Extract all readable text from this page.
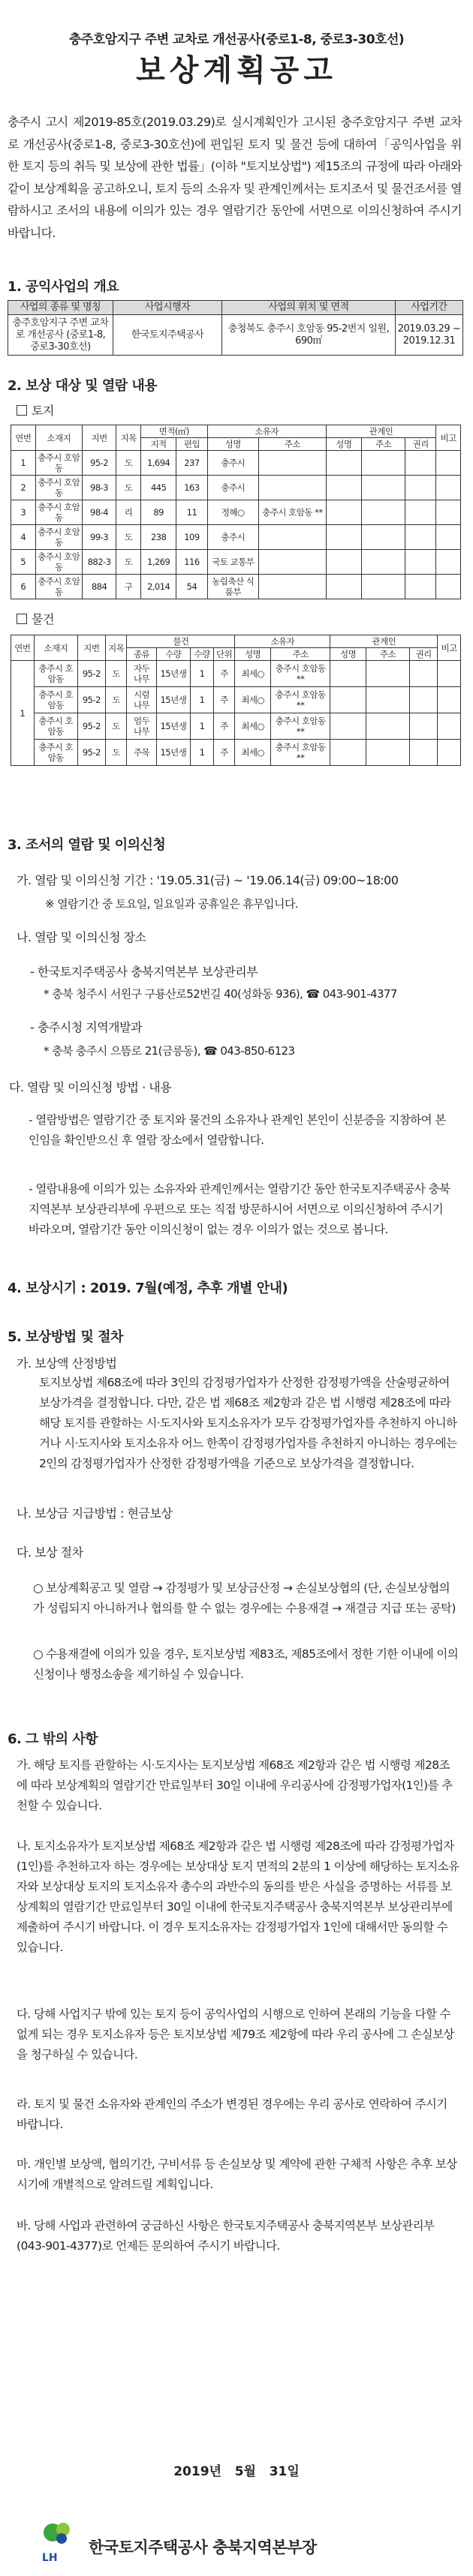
충주호암지구 주변 교차로 개선공사(중로1-8, 중로3-30호선)
보상계획공고
충주시 고시 제2019-85호(2019.03.29)로 실시계획인가 고시된 충주호암지구 주변 교차로 개선공사(중로1-8, 중로3-30호선)에 편입된 토지 및 물건 등에 대하여「공익사업을 위한 토지 등의 취득 및 보상에 관한 법률」(이하 "토지보상법") 제15조의 규정에 따라 아래와 같이 보상계획을 공고하오니, 토지 등의 소유자 및 관계인께서는 토지조서 및 물건조서를 열람하시고 조서의 내용에 이의가 있는 경우 열람기간 동안에 서면으로 이의신청하여 주시기 바랍니다.
1. 공익사업의 개요
사업의 종류 및 명칭	사업시행자	사업의 위치 및 면적	사업기간
충주호암지구 주변 교차로 개선공사 (중로1-8, 중로3-30호선)	한국토지주택공사	충청북도 충주시 호암동 95-2번지 일원, 690㎡	2019.03.29 ~ 2019.12.31
2. 보상 대상 및 열람 내용
토지
연번	소재지	지번	지목	면적(㎡)		소유자		관계인			비고
				지적	편입	성명	주소	성명	주소	권리	
1	충주시 호암동	95-2	도	1,694	237	충주시					
2	충주시 호암동	98-3	도	445	163	충주시					
3	충주시 호암동	98-4	리	89	11	정혜○	충주시 호암동 **				
4	충주시 호암동	99-3	도	238	109	충주시					
5	충주시 호암동	882-3	도	1,269	116	국토 교통부					
6	충주시 호암동	884	구	2,014	54	농림축산 식품부					
물건
연번	소재지	지번	지목	물건				소유자		관계인			비고
				종류	수량	수량	단위	성명	주소	성명	주소	권리	
1	충주시 호암동	95-2	도	자두 나무	15년생	1	주	최세○	충주시 호암동 **				
	충주시 호암동	95-2	도	시럼 나무	15년생	1	주	최세○	충주시 호암동 **				
	충주시 호암동	95-2	도	엄두 나무	15년생	1	주	최세○	충주시 호암동 **				
	충주시 호암동	95-2	도	주목	15년생	1	주	최세○	충주시 호암동 **				
3. 조서의 열람 및 이의신청
가. 열람 및 이의신청 기간 : '19.05.31(금) ~ '19.06.14(금) 09:00~18:00
※ 열람기간 중 토요일, 일요일과 공휴일은 휴무입니다.
나. 열람 및 이의신청 장소
- 한국토지주택공사 충북지역본부 보상관리부
* 충북 청주시 서원구 구룡산로52번길 40(성화동 936), ☎ 043-901-4377
- 충주시청 지역개발과
* 충북 충주시 으뜸로 21(금릉동), ☎ 043-850-6123
다. 열람 및 이의신청 방법 · 내용
- 열람방법은 열람기간 중 토지와 물건의 소유자나 관계인 본인이 신분증을 지참하여 본인임을 확인받으신 후 열람 장소에서 열람합니다.
- 열람내용에 이의가 있는 소유자와 관계인께서는 열람기간 동안 한국토지주택공사 충북지역본부 보상관리부에 우편으로 또는 직접 방문하시어 서면으로 이의신청하여 주시기 바라오며, 열람기간 동안 이의신청이 없는 경우 이의가 없는 것으로 봅니다.
4. 보상시기 : 2019. 7월(예정, 추후 개별 안내)
5. 보상방법 및 절차
가. 보상액 산정방법
토지보상법 제68조에 따라 3인의 감정평가업자가 산정한 감정평가액을 산술평균하여 보상가격을 결정합니다. 다만, 같은 법 제68조 제2항과 같은 법 시행령 제28조에 따라 해당 토지를 관할하는 시·도지사와 토지소유자가 모두 감정평가업자를 추천하지 아니하거나 시·도지사와 토지소유자 어느 한쪽이 감정평가업자를 추천하지 아니하는 경우에는 2인의 감정평가업자가 산정한 감정평가액을 기준으로 보상가격을 결정합니다.
나. 보상금 지급방법 : 현금보상
다. 보상 절차
○ 보상계획공고 및 열람 → 감정평가 및 보상금산정 → 손실보상협의 (단, 손실보상협의가 성립되지 아니하거나 협의를 할 수 없는 경우에는 수용재결 → 재결금 지급 또는 공탁)
○ 수용재결에 이의가 있을 경우, 토지보상법 제83조, 제85조에서 정한 기한 이내에 이의신청이나 행정소송을 제기하실 수 있습니다.
6. 그 밖의 사항
가. 해당 토지를 관할하는 시·도지사는 토지보상법 제68조 제2항과 같은 법 시행령 제28조에 따라 보상계획의 열람기간 만료일부터 30일 이내에 우리공사에 감정평가업자(1인)를 추천할 수 있습니다.
나. 토지소유자가 토지보상법 제68조 제2항과 같은 법 시행령 제28조에 따라 감정평가업자(1인)를 추천하고자 하는 경우에는 보상대상 토지 면적의 2분의 1 이상에 해당하는 토지소유자와 보상대상 토지의 토지소유자 총수의 과반수의 동의를 받은 사실을 증명하는 서류를 보상계획의 열람기간 만료일부터 30일 이내에 한국토지주택공사 충북지역본부 보상관리부에 제출하여 주시기 바랍니다. 이 경우 토지소유자는 감정평가업자 1인에 대해서만 동의할 수 있습니다.
다. 당해 사업지구 밖에 있는 토지 등이 공익사업의 시행으로 인하여 본래의 기능을 다할 수 없게 되는 경우 토지소유자 등은 토지보상법 제79조 제2항에 따라 우리 공사에 그 손실보상을 청구하실 수 있습니다.
라. 토지 및 물건 소유자와 관계인의 주소가 변경된 경우에는 우리 공사로 연락하여 주시기 바랍니다.
마. 개인별 보상액, 협의기간, 구비서류 등 손실보상 및 계약에 관한 구체적 사항은 추후 보상시기에 개별적으로 알려드릴 계획입니다.
바. 당해 사업과 관련하여 궁금하신 사항은 한국토지주택공사 충북지역본부 보상관리부(043-901-4377)로 언제든 문의하여 주시기 바랍니다.
2019년   5월   31일
LH
한국토지주택공사 충북지역본부장
